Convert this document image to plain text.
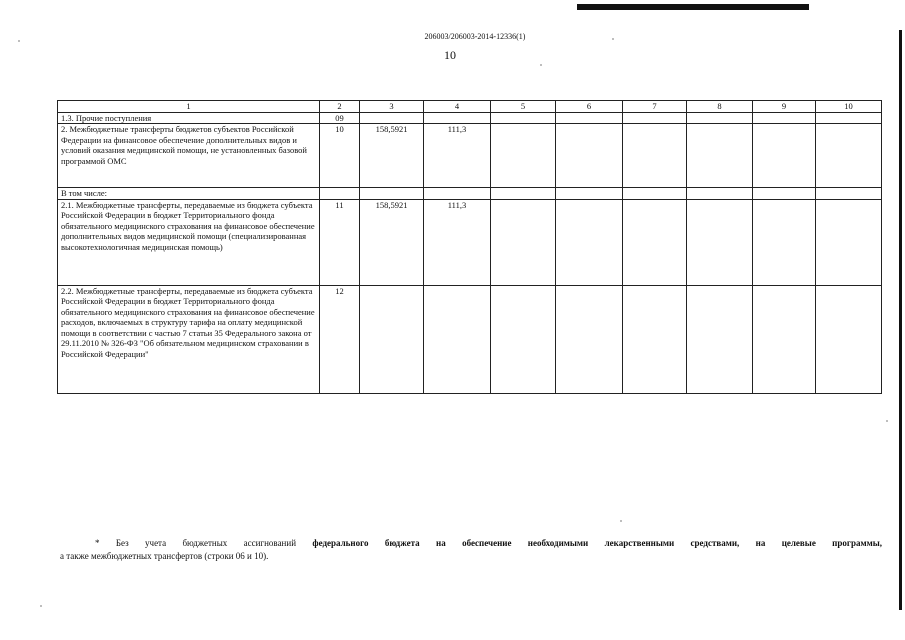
206003/206003-2014-12336(1)
10
1	2	3	4	5	6	7	8	9	10
1.3. Прочие поступления	09								
2. Межбюджетные трансферты бюджетов субъектов Российской Федерации на финансовое обеспечение дополнительных видов и условий оказания медицинской помощи, не установленных базовой программой ОМС	10	158,5921	111,3						
В том числе:									
2.1. Межбюджетные трансферты, передаваемые из бюджета субъекта Российской Федерации в бюджет Территориального фонда обязательного медицинского страхования на финансовое обеспечение дополнительных видов медицинской помощи (специализированная высокотехнологичная медицинская помощь)	11	158,5921	111,3						
2.2. Межбюджетные трансферты, передаваемые из бюджета субъекта Российской Федерации в бюджет Территориального фонда обязательного медицинского страхования на финансовое обеспечение расходов, включаемых в структуру тарифа на оплату медицинской помощи в соответствии с частью 7 статьи 35 Федерального закона от 29.11.2010 № 326-ФЗ "Об обязательном медицинском страховании в Российской Федерации"	12								
* Без учета бюджетных ассигнований федерального бюджета на обеспечение необходимыми лекарственными средствами, на целевые программы,
а также межбюджетных трансфертов (строки 06 и 10).
